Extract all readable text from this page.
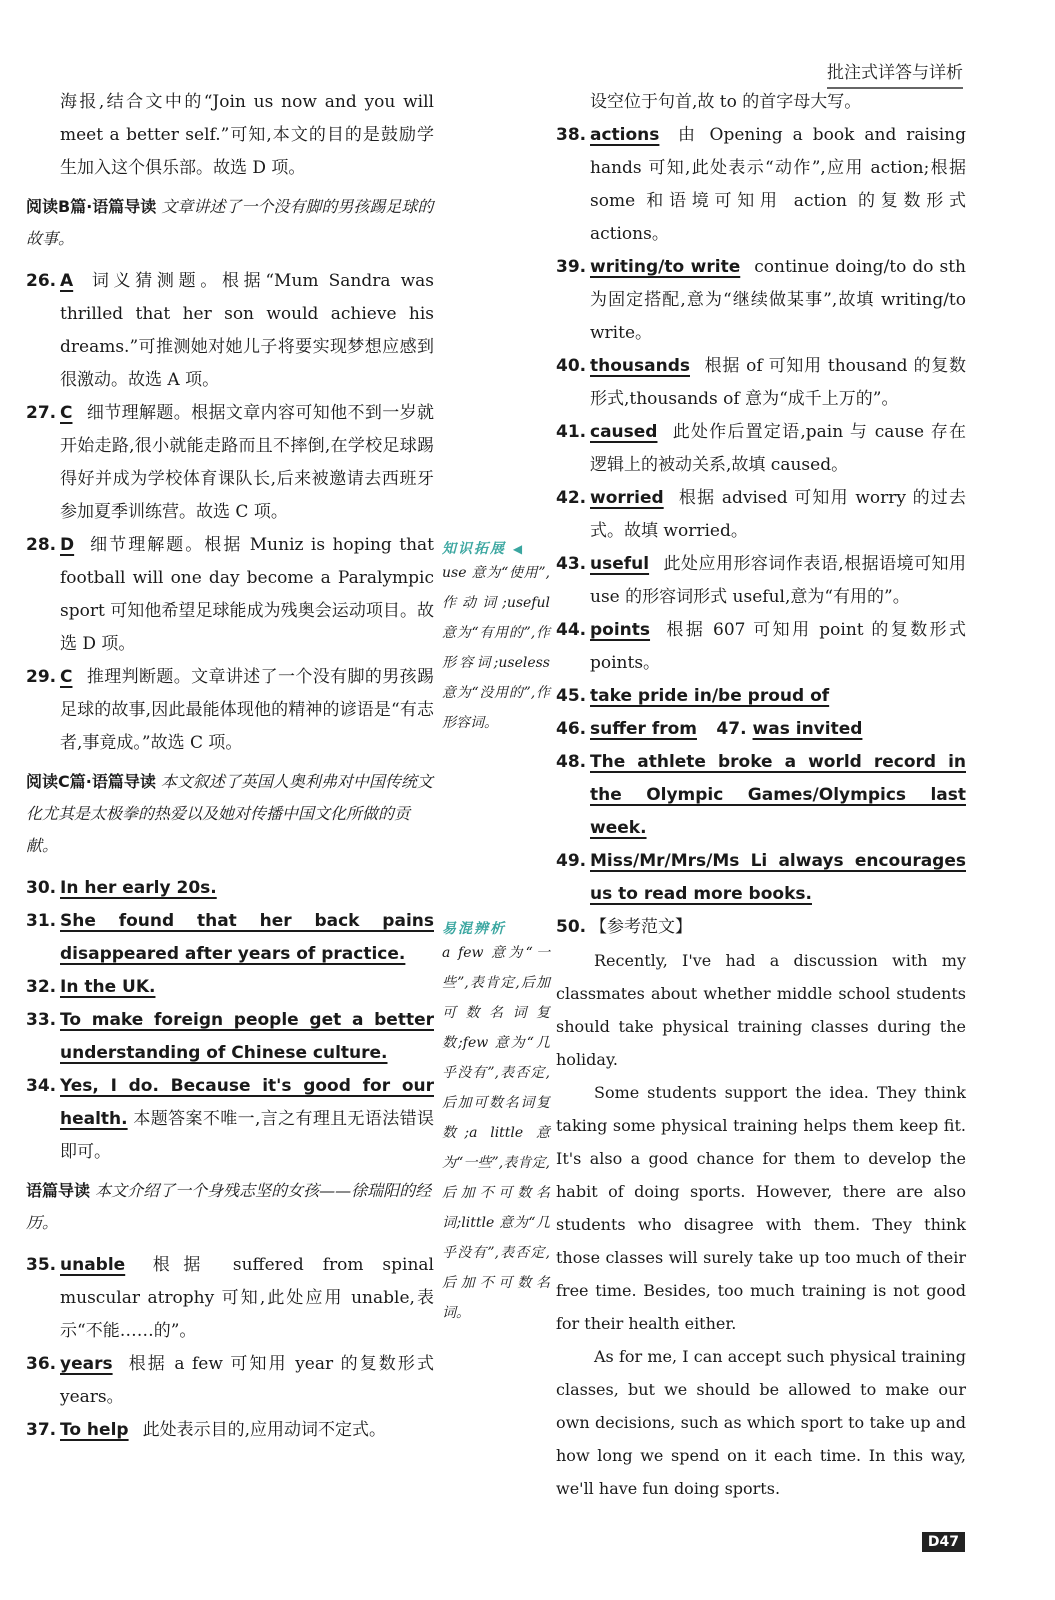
批注式详答与详析

海报,结合文中的“Join us now and you will meet a better self.”可知,本文的目的是鼓励学生加入这个俱乐部。故选 D 项。

阅读B篇·语篇导读 文章讲述了一个没有脚的男孩踢足球的故事。
26. A 词义猜测题。根据“Mum Sandra was thrilled that her son would achieve his dreams.”可推测她对她儿子将要实现梦想应感到很激动。故选 A 项。
27. C 细节理解题。根据文章内容可知他不到一岁就开始走路,很小就能走路而且不摔倒,在学校足球踢得好并成为学校体育课队长,后来被邀请去西班牙参加夏季训练营。故选 C 项。
28. D 细节理解题。根据 Muniz is hoping that football will one day become a Paralympic sport 可知他希望足球能成为残奥会运动项目。故选 D 项。
29. C 推理判断题。文章讲述了一个没有脚的男孩踢足球的故事,因此最能体现他的精神的谚语是“有志者,事竟成。”故选 C 项。
阅读C篇·语篇导读 本文叙述了英国人奥利弗对中国传统文化尤其是太极拳的热爱以及她对传播中国文化所做的贡献。
30. In her early 20s.
31. She found that her back pains disappeared after years of practice.
32. In the UK.
33. To make foreign people get a better understanding of Chinese culture.
34. Yes, I do. Because it's good for our health. 本题答案不唯一,言之有理且无语法错误即可。
语篇导读 本文介绍了一个身残志坚的女孩——徐瑞阳的经历。
35. unable 根据 suffered from spinal muscular atrophy 可知,此处应用 unable,表示“不能……的”。
36. years 根据 a few 可知用 year 的复数形式 years。
37. To help 此处表示目的,应用动词不定式。
知识拓展 ◀

use 意为“使用”,作动词;useful 意为“有用的”,作形容词;useless 意为“没用的”,作形容词。

易混辨析

a few 意为“一些”,表肯定,后加可数名词复数;few 意为“几乎没有”,表否定,后加可数名词复数;a little 意为“一些”,表肯定,后加不可数名词;little 意为“几乎没有”,表否定,后加不可数名词。

设空位于句首,故 to 的首字母大写。

38. actions 由 Opening a book and raising hands 可知,此处表示“动作”,应用 action;根据 some 和语境可知用 action 的复数形式 actions。
39. writing/to write continue doing/to do sth 为固定搭配,意为“继续做某事”,故填 writing/to write。
40. thousands 根据 of 可知用 thousand 的复数形式,thousands of 意为“成千上万的”。
41. caused 此处作后置定语,pain 与 cause 存在逻辑上的被动关系,故填 caused。
42. worried 根据 advised 可知用 worry 的过去式。故填 worried。
43. useful 此处应用形容词作表语,根据语境可知用 use 的形容词形式 useful,意为“有用的”。
44. points 根据 607 可知用 point 的复数形式 points。
45. take pride in/be proud of
46. suffer from 47. was invited
48. The athlete broke a world record in the Olympic Games/Olympics last week.
49. Miss/Mr/Mrs/Ms Li always encourages us to read more books.
50. 【参考范文】

Recently, I've had a discussion with my classmates about whether middle school students should take physical training classes during the holiday.

Some students support the idea. They think taking some physical training helps them keep fit. It's also a good chance for them to develop the habit of doing sports. However, there are also students who disagree with them. They think those classes will surely take up too much of their free time. Besides, too much training is not good for their health either.

As for me, I can accept such physical training classes, but we should be allowed to make our own decisions, such as which sport to take up and how long we spend on it each time. In this way, we'll have fun doing sports.

D47
